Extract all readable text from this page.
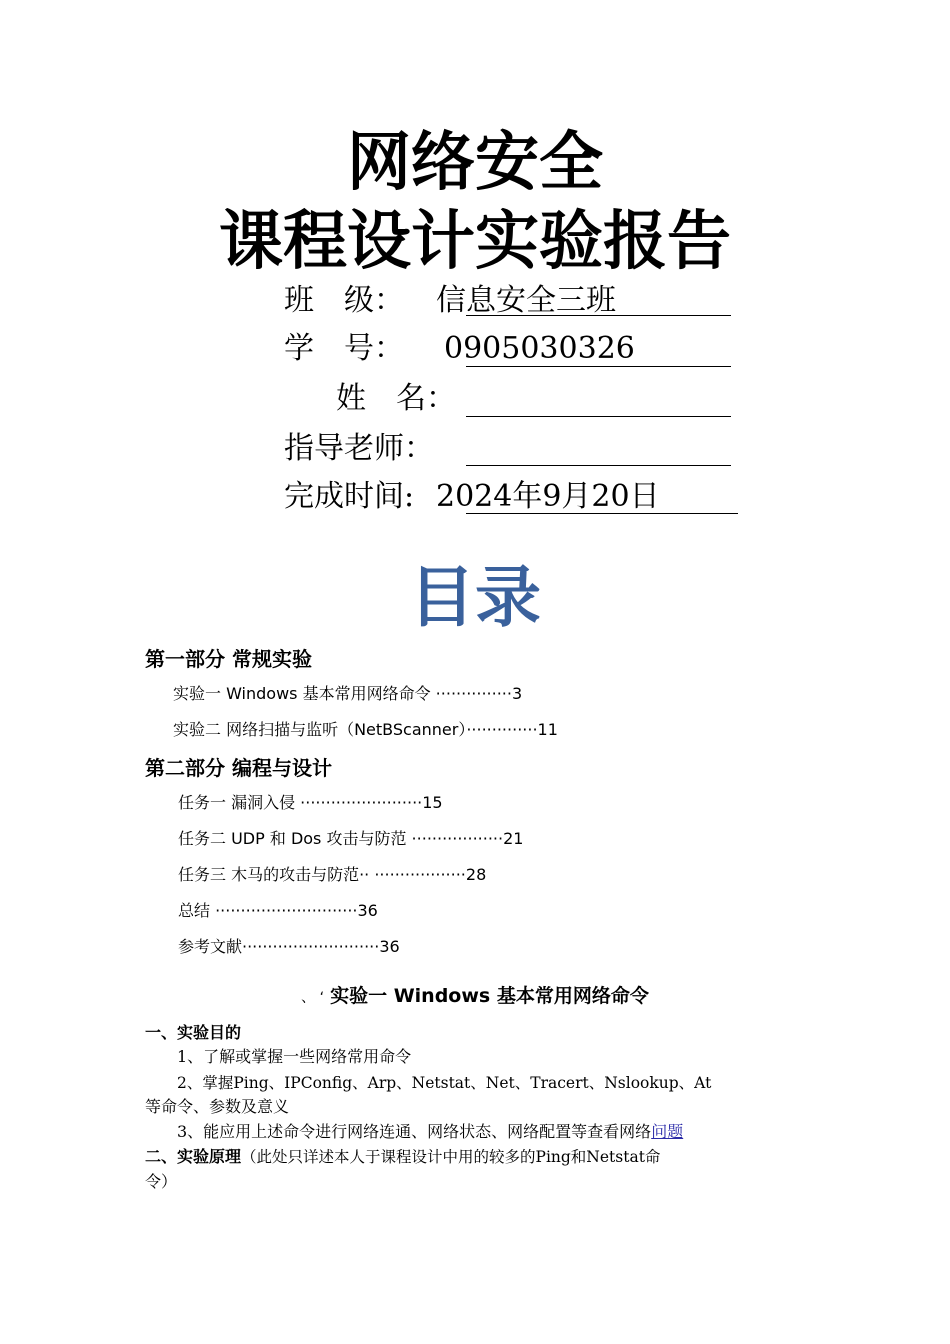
网络安全
课程设计实验报告
班　级： 信息安全三班
学　号： 0905030326
姓　名：
指导老师：
完成时间: 2024年9月20日
目录
第一部分 常规实验
实验一 Windows 基本常用网络命令 ···············3
实验二 网络扫描与监听（NetBScanner）··············11
第二部分 编程与设计
任务一 漏洞入侵 ························15
任务二 UDP 和 Dos 攻击与防范 ··················21
任务三 木马的攻击与防范·· ··················28
总结 ····························36
参考文献···························36
、 ‘ 实验一 Windows 基本常用网络命令
一、实验目的
1、了解或掌握一些网络常用命令
2、掌握Ping、IPConfig、Arp、Netstat、Net、Tracert、Nslookup、At
等命令、参数及意义
3、能应用上述命令进行网络连通、网络状态、网络配置等查看网络问题
二、实验原理（此处只详述本人于课程设计中用的较多的Ping和Netstat命
令）
